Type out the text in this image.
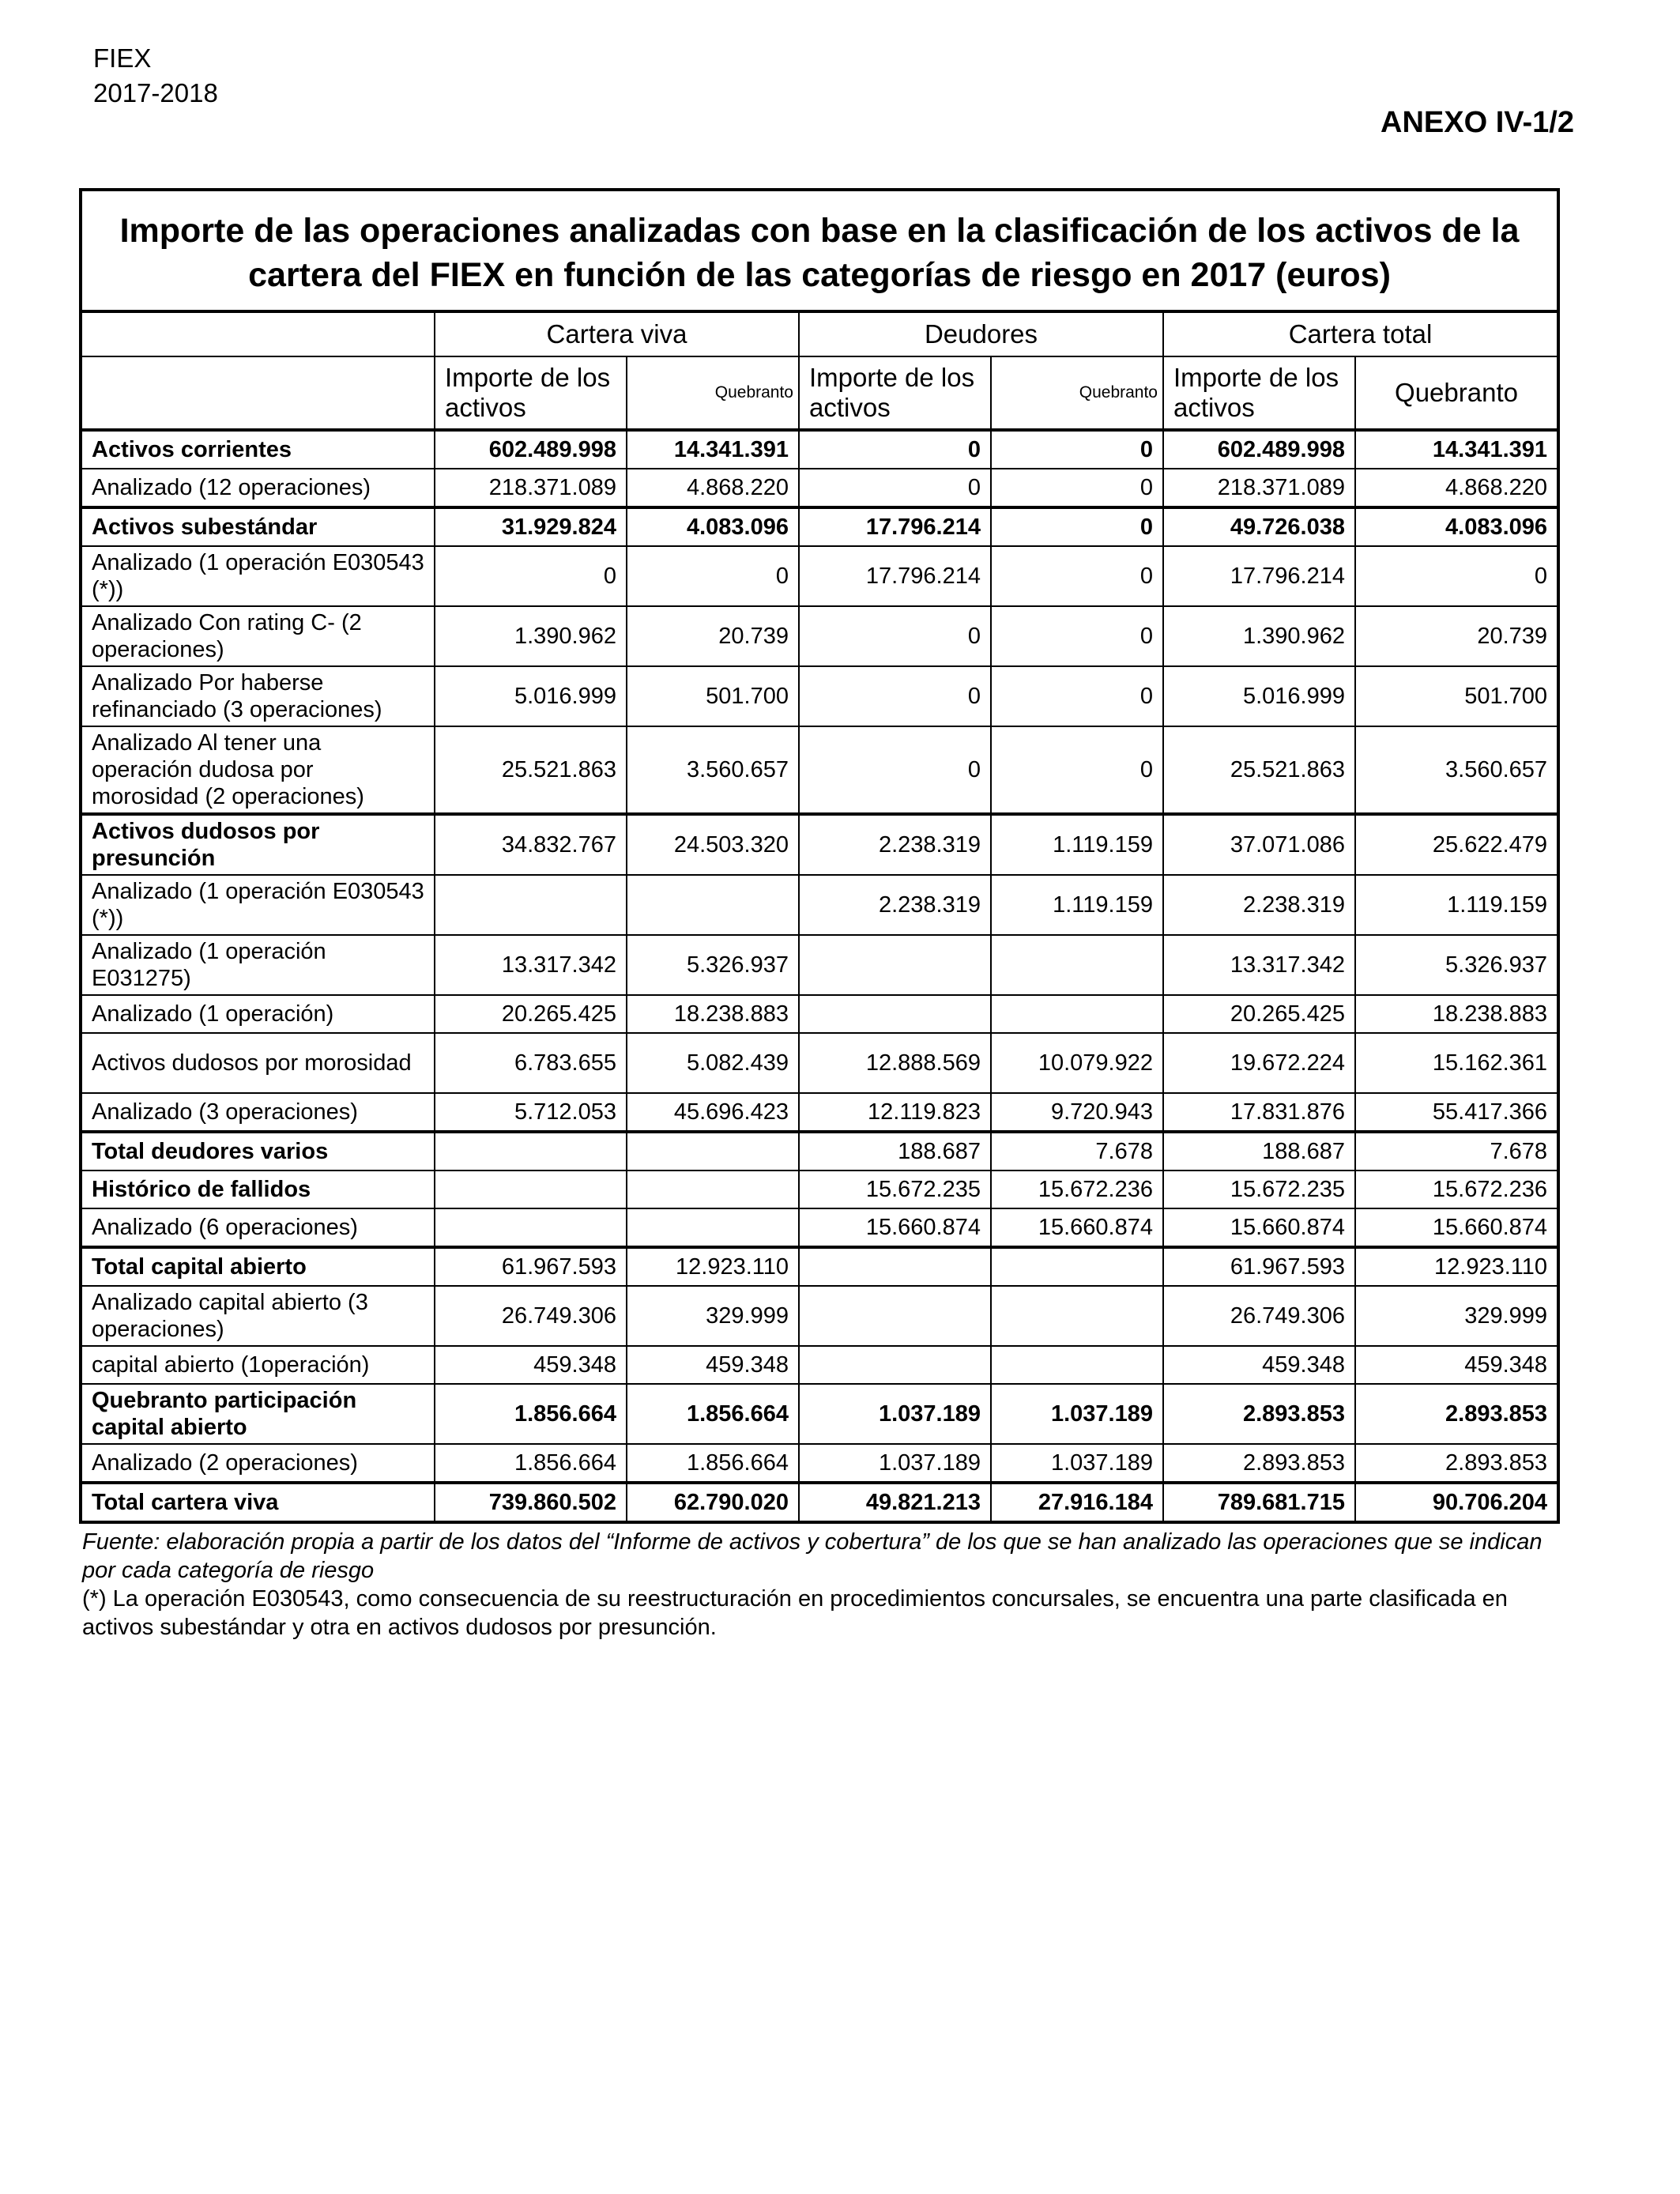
FIEX
2017-2018
ANEXO IV-1/2
Importe de las operaciones analizadas con base en la clasificación de los activos de la cartera del FIEX en función de las categorías de riesgo en 2017 (euros)						
	Cartera viva		Deudores		Cartera total	
	Importe de los activos	Quebranto	Importe de los activos	Quebranto	Importe de los activos	Quebranto
Activos corrientes	602.489.998	14.341.391	0	0	602.489.998	14.341.391
Analizado (12 operaciones)	218.371.089	4.868.220	0	0	218.371.089	4.868.220
Activos subestándar	31.929.824	4.083.096	17.796.214	0	49.726.038	4.083.096
Analizado (1 operación E030543 (*))	0	0	17.796.214	0	17.796.214	0
Analizado Con rating C- (2 operaciones)	1.390.962	20.739	0	0	1.390.962	20.739
Analizado Por haberse refinanciado (3 operaciones)	5.016.999	501.700	0	0	5.016.999	501.700
Analizado Al tener una operación dudosa por morosidad (2 operaciones)	25.521.863	3.560.657	0	0	25.521.863	3.560.657
Activos dudosos por presunción	34.832.767	24.503.320	2.238.319	1.119.159	37.071.086	25.622.479
Analizado (1 operación E030543 (*))			2.238.319	1.119.159	2.238.319	1.119.159
Analizado (1 operación E031275)	13.317.342	5.326.937			13.317.342	5.326.937
Analizado (1 operación)	20.265.425	18.238.883			20.265.425	18.238.883
Activos dudosos por morosidad	6.783.655	5.082.439	12.888.569	10.079.922	19.672.224	15.162.361
Analizado (3 operaciones)	5.712.053	45.696.423	12.119.823	9.720.943	17.831.876	55.417.366
Total deudores varios			188.687	7.678	188.687	7.678
Histórico de fallidos			15.672.235	15.672.236	15.672.235	15.672.236
Analizado (6 operaciones)			15.660.874	15.660.874	15.660.874	15.660.874
Total capital abierto	61.967.593	12.923.110			61.967.593	12.923.110
Analizado capital abierto (3 operaciones)	26.749.306	329.999			26.749.306	329.999
capital abierto (1operación)	459.348	459.348			459.348	459.348
Quebranto participación capital abierto	1.856.664	1.856.664	1.037.189	1.037.189	2.893.853	2.893.853
Analizado (2 operaciones)	1.856.664	1.856.664	1.037.189	1.037.189	2.893.853	2.893.853
Total cartera viva	739.860.502	62.790.020	49.821.213	27.916.184	789.681.715	90.706.204
Fuente: elaboración propia a partir de los datos del “Informe de activos y cobertura” de los que se han analizado las operaciones que se indican por cada categoría de riesgo
(*) La operación E030543, como consecuencia de su reestructuración en procedimientos concursales, se encuentra una parte clasificada en activos subestándar y otra en activos dudosos por presunción.
